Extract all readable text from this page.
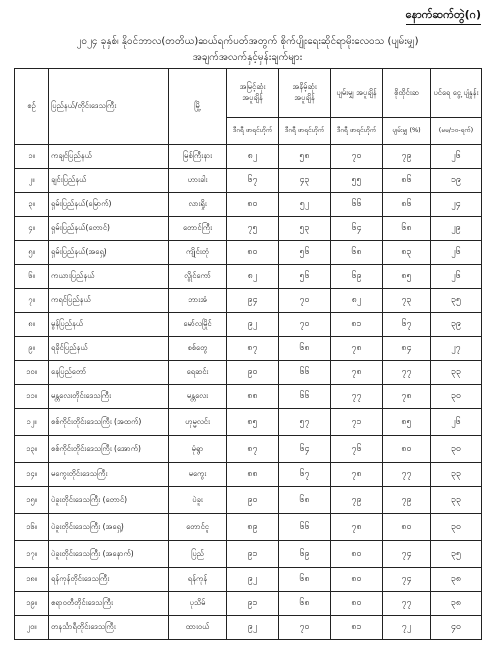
နောက်ဆက်တွဲ(ဂ)
၂၀၂၄ ခုနှစ်၊ နိုဝင်ဘာလ(တတိယ)ဆယ်ရက်ပတ်အတွက် စိုက်ပျိုးရေးဆိုင်ရာမိုးလေဝသ (ပျမ်းမျှ)
အချက်အလက်နှင့်မှန်းချက်များ
စဉ်	ပြည်နယ်/တိုင်းဒေသကြီး	မြို့	အမြင့်ဆုံး အပူချိန်	အနိမ့်ဆုံး အပူချိန်	ပျမ်းမျှ အပူချိန်	စိုထိုင်းဆ	ပင်ရေ ငွေ့ ပျံနှုန်း
			ဒီဂရီ ဖာရင်ဟိုက်	ဒီဂရီ ဖာရင်ဟိုက်	ဒီဂရီ ဖာရင်ဟိုက်	ပျမ်းမျှ (%)	(မမ/၁၀-ရက်)
၁။	ကချင်ပြည်နယ်	မြစ်ကြီးနား	၈၂	၅၈	၇၀	၇၉	၂၆
၂။	ချင်းပြည်နယ်	ဟားခါး	၆၇	၄၃	၅၅	၈၆	၁၉
၃။	ရှမ်းပြည်နယ်(မြောက်)	လားရှိုး	၈၀	၅၂	၆၆	၈၆	၂၄
၄။	ရှမ်းပြည်နယ်(တောင်)	တောင်ကြီး	၇၅	၅၃	၆၄	၆၈	၂၉
၅။	ရှမ်းပြည်နယ်(အရှေ့)	ကျိုင်းတုံ	၈၀	၅၆	၆၈	၈၃	၂၆
၆။	ကယားပြည်နယ်	လွိုင်ကော်	၈၂	၅၆	၆၉	၈၅	၂၆
၇။	ကရင်ပြည်နယ်	ဘားအံ	၉၄	၇၀	၈၂	၇၃	၃၅
၈။	မွန်ပြည်နယ်	မော်လမြိုင်	၉၂	၇၀	၈၁	၆၇	၃၉
၉။	ရခိုင်ပြည်နယ်	စစ်တွေ	၈၇	၆၈	၇၈	၈၄	၂၇
၁၀။	နေပြည်တော်	ရေဆင်း	၉၀	၆၆	၇၈	၇၇	၃၃
၁၁။	မန္တလေးတိုင်းဒေသကြီး	မန္တလေး	၈၈	၆၆	၇၇	၇၈	၃၀
၁၂။	စစ်ကိုင်းတိုင်းဒေသကြီး (အထက်)	ဟုမ္မလင်း	၈၅	၅၇	၇၁	၈၅	၂၆
၁၃။	စစ်ကိုင်းတိုင်းဒေသကြီး (အောက်)	မုံရွာ	၈၇	၆၄	၇၆	၈၀	၃၀
၁၄။	မကွေးတိုင်းဒေသကြီး	မကွေး	၈၈	၆၇	၇၈	၇၇	၃၃
၁၅။	ပဲခူးတိုင်းဒေသကြီး (တောင်)	ပဲခူး	၉၀	၆၈	၇၉	၇၉	၃၃
၁၆။	ပဲခူးတိုင်းဒေသကြီး (အရှေ့)	တောင်ငူ	၈၉	၆၆	၇၈	၈၀	၃၀
၁၇။	ပဲခူးတိုင်းဒေသကြီး (အနောက်)	ပြည်	၉၁	၆၉	၈၀	၇၄	၃၅
၁၈။	ရန်ကုန်တိုင်းဒေသကြီး	ရန်ကုန်	၉၂	၆၈	၈၀	၇၄	၃၈
၁၉။	ဧရာဝတီတိုင်းဒေသကြီး	ပုသိမ်	၉၁	၆၈	၈၀	၇၇	၃၈
၂၀။	တနင်္သာရီတိုင်းဒေသကြီး	ထားဝယ်	၉၂	၇၀	၈၁	၇၂	၄၀
